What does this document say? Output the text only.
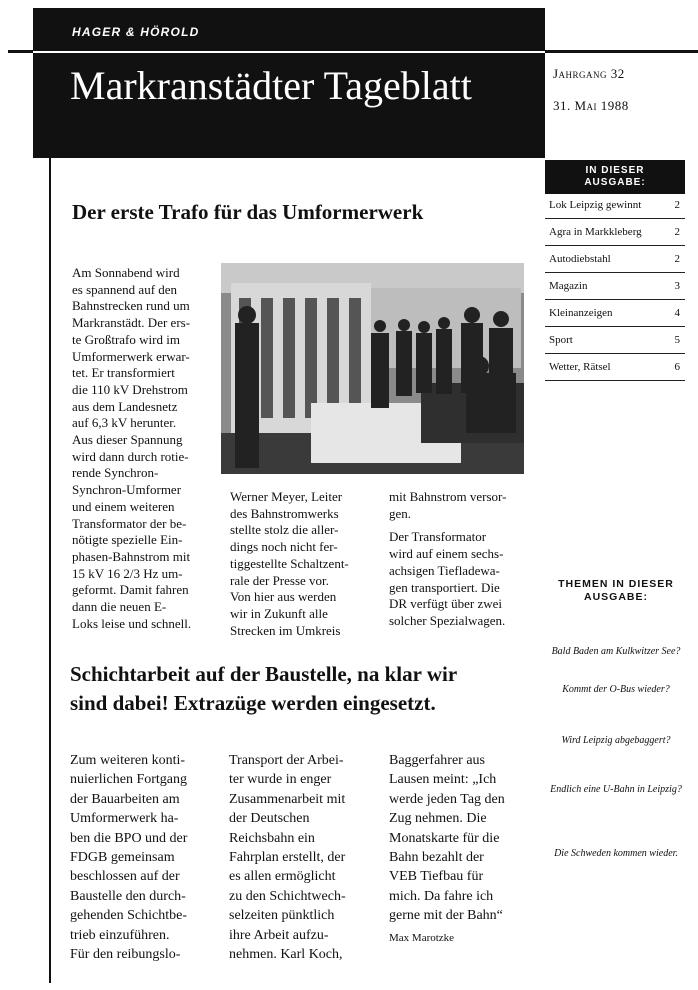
HAGER & HÖROLD
Markranstädter Tageblatt	Jahrgang 32
31. Mai 1988
IN DIESER
AUSGABE:
Lok Leipzig gewinnt	2
Agra in Markkleberg	2
Autodiebstahl	2
Magazin	3
Kleinanzeigen	4
Sport	5
Wetter, Rätsel	6
Der erste Trafo für das Umformerwerk
Am Sonnabend wird
es spannend auf den
Bahnstrecken rund um
Markranstädt. Der ers-
te Großtrafo wird im
Umformerwerk erwar-
tet. Er transformiert
die 110 kV Drehstrom
aus dem Landesnetz
auf 6,3 kV herunter.
Aus dieser Spannung
wird dann durch rotie-
rende Synchron-
Synchron-Umformer
und einem weiteren
Transformator der be-
nötigte spezielle Ein-
phasen-Bahnstrom mit
15 kV 16 2/3 Hz um-
geformt. Damit fahren
dann die neuen E-
Loks leise und schnell.
Werner Meyer, Leiter
des Bahnstromwerks
stellte stolz die aller-
dings noch nicht fer-
tiggestellte Schaltzent-
rale der Presse vor.
Von hier aus werden
wir in Zukunft alle
Strecken im Umkreis
mit Bahnstrom versor-
gen.
Der Transformator
wird auf einem sechs-
achsigen Tiefladewa-
gen transportiert. Die
DR verfügt über zwei
solcher Spezialwagen.
Schichtarbeit auf der Baustelle, na klar wir
sind dabei! Extrazüge werden eingesetzt.
Zum weiteren konti-
nuierlichen Fortgang
der Bauarbeiten am
Umformerwerk ha-
ben die BPO und der
FDGB gemeinsam
beschlossen auf der
Baustelle den durch-
gehenden Schichtbe-
trieb einzuführen.
Für den reibungslo-
Transport der Arbei-
ter wurde in enger
Zusammenarbeit mit
der Deutschen
Reichsbahn ein
Fahrplan erstellt, der
es allen ermöglicht
zu den Schichtwech-
selzeiten pünktlich
ihre Arbeit aufzu-
nehmen. Karl Koch,
Baggerfahrer aus
Lausen meint: „Ich
werde jeden Tag den
Zug nehmen. Die
Monatskarte für die
Bahn bezahlt der
VEB Tiefbau für
mich. Da fahre ich
gerne mit der Bahn“
Max Marotzke
THEMEN IN DIESER
AUSGABE:
Bald Baden am Kulkwitzer See?
Kommt der O-Bus wieder?
Wird Leipzig abgebaggert?
Endlich eine U-Bahn in Leipzig?
Die Schweden kommen wieder.
